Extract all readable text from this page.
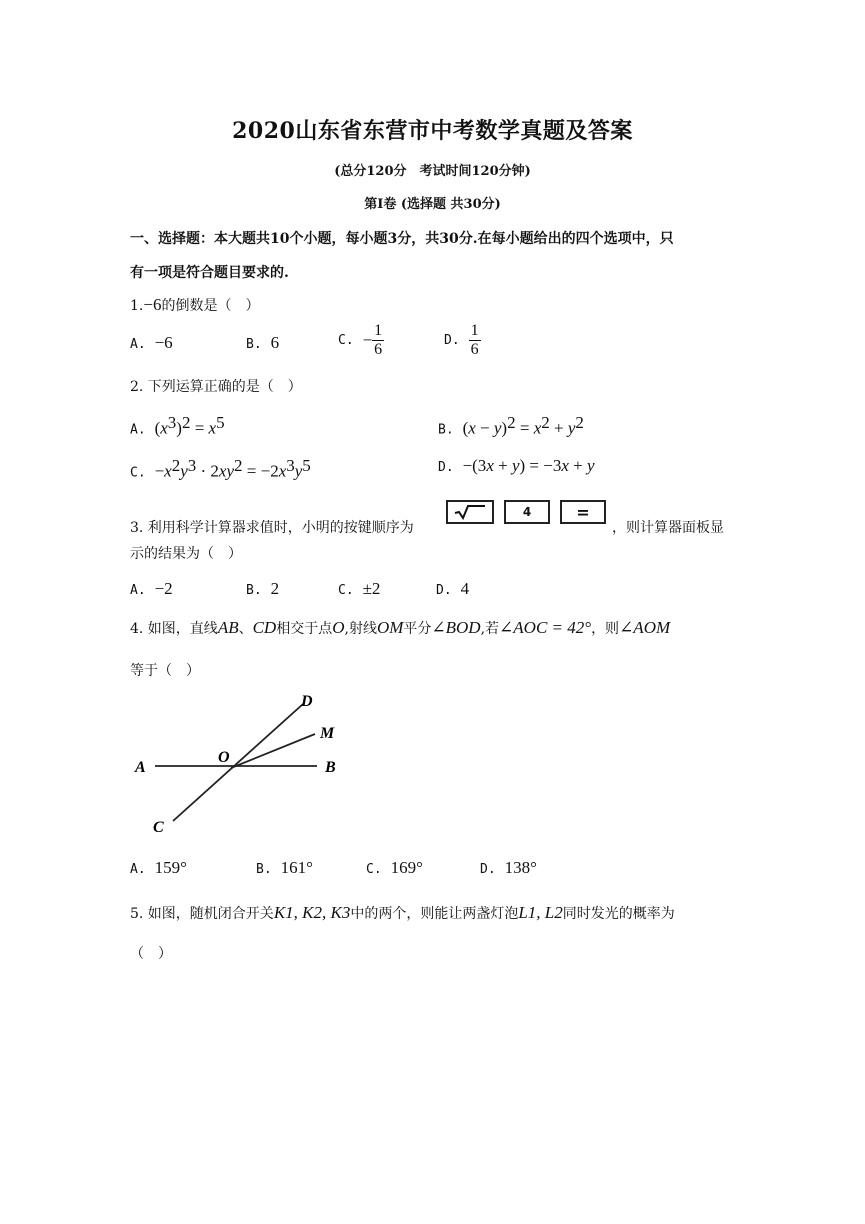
2020山东省东营市中考数学真题及答案
(总分120分　考试时间120分钟)
第Ⅰ卷 (选择题 共30分)
一、选择题：本大题共10个小题，每小题3分，共30分.在每小题给出的四个选项中，只
有一项是符合题目要求的.
1.−6的倒数是（　）
A. −6	B. 6	C. − $\frac{1}{6}$	D. $\frac{1}{6}$
2. 下列运算正确的是（　）
A. $(x^3)^2 = x^5$	B. $(x - y)^2 = x^2 + y^2$
C. $-x^2y^3 \cdot 2xy^2 = -2x^3y^5$	D. −(3x + y) = −3x + y
3. 利用科学计算器求值时，小明的按键顺序为
4	=
，则计算器面板显
示的结果为（　）
A. −2	B. 2	C. ±2	D. 4
4. 如图，直线AB、CD相交于点O,射线OM平分∠BOD,若∠AOC = 42°，则∠AOM
等于（　）
A	B
C
D
M
O
A. 159°	B. 161°	C. 169°	D. 138°
5. 如图，随机闭合开关K1, K2, K3中的两个，则能让两盏灯泡L1, L2同时发光的概率为
（　）
